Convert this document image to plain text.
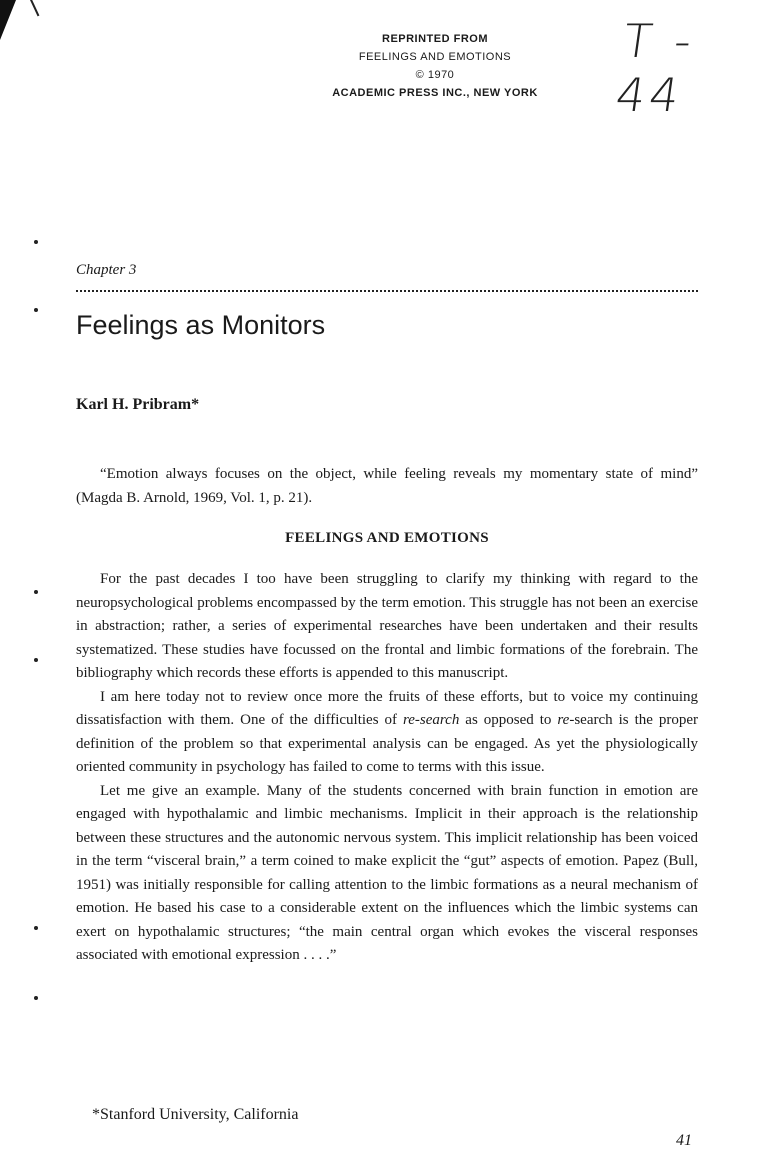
REPRINTED FROM
FEELINGS AND EMOTIONS
© 1970
ACADEMIC PRESS INC., NEW YORK
T - 44
Chapter 3
Feelings as Monitors
Karl H. Pribram*
“Emotion always focuses on the object, while feeling reveals my momentary state of mind” (Magda B. Arnold, 1969, Vol. 1, p. 21).
FEELINGS AND EMOTIONS

For the past decades I too have been struggling to clarify my thinking with regard to the neuropsychological problems encompassed by the term emotion. This struggle has not been an exercise in abstraction; rather, a series of experimental researches have been undertaken and their results systematized. These studies have focussed on the frontal and limbic formations of the forebrain. The bibliography which records these efforts is appended to this manuscript.

I am here today not to review once more the fruits of these efforts, but to voice my continuing dissatisfaction with them. One of the difficulties of re-search as opposed to re-search is the proper definition of the problem so that experimental analysis can be engaged. As yet the physiologically oriented community in psychology has failed to come to terms with this issue.

Let me give an example. Many of the students concerned with brain function in emotion are engaged with hypothalamic and limbic mechanisms. Implicit in their approach is the relationship between these structures and the autonomic nervous system. This implicit relationship has been voiced in the term “visceral brain,” a term coined to make explicit the “gut” aspects of emotion. Papez (Bull, 1951) was initially responsible for calling attention to the limbic formations as a neural mechanism of emotion. He based his case to a considerable extent on the influences which the limbic systems can exert on hypothalamic structures; “the main central organ which evokes the visceral responses associated with emotional expression . . . .”

*Stanford University, California
41
